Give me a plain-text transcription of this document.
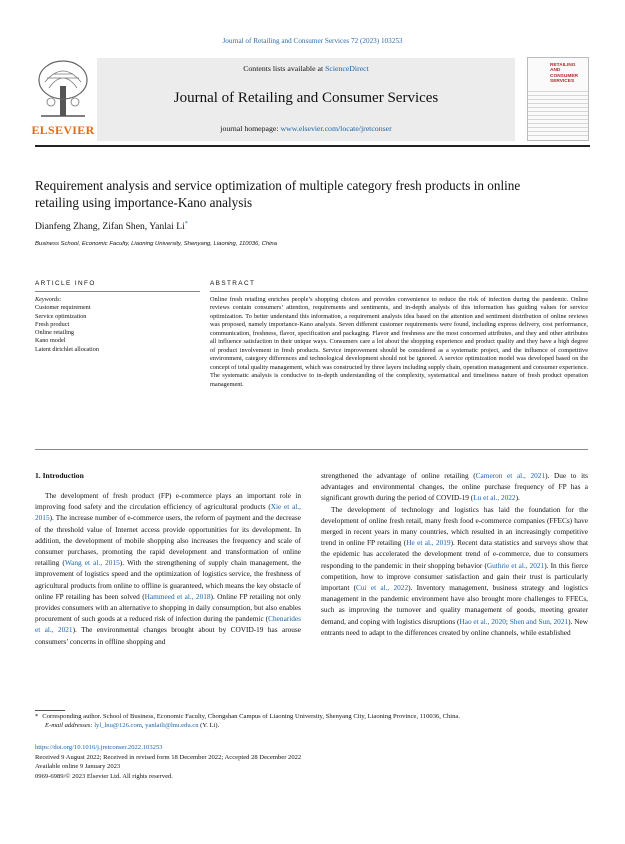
Journal of Retailing and Consumer Services 72 (2023) 103253
ELSEVIER
Contents lists available at ScienceDirect
Journal of Retailing and Consumer Services
journal homepage: www.elsevier.com/locate/jretconser
RETAILING AND CONSUMER SERVICES
Requirement analysis and service optimization of multiple category fresh products in online retailing using importance-Kano analysis
Dianfeng Zhang, Zifan Shen, Yanlai Li*
Business School, Economic Faculty, Liaoning University, Shenyang, Liaoning, 110036, China
ARTICLE INFO	ABSTRACT
Keywords:
Customer requirement
Service optimization
Fresh product
Online retailing
Kano model
Latent dirichlet allocation
Online fresh retailing enriches people’s shopping choices and provides convenience to reduce the risk of infection during the pandemic. Online reviews contain consumers’ attention, requirements and sentiments, and in-depth analysis of this information has guiding values for service optimization. To better understand this information, a requirement analysis idea based on the attention and sentiment distribution of online reviews was proposed, namely importance-Kano analysis. Seven different customer requirements were found, including express delivery, cost performance, communication, freshness, flavor, specification and packaging. Flavor and freshness are the most concerned attributes, and they and other attributes all influence satisfaction in their unique ways. Consumers care a lot about the shopping experience and product quality and they have a high degree of product involvement in fresh products. Service improvement should be considered as a systematic project, and the influence of competitive environment, category differences and technological development should not be ignored. A service optimization model was developed based on the concept of total quality management, which was constructed by three layers including supply chain, operation management and consumer experience. The systematic analysis is conducive to in-depth understanding of the complexity, systematical and timeliness nature of fresh product operation management.
1. Introduction
The development of fresh product (FP) e-commerce plays an important role in improving food safety and the circulation efficiency of agricultural products (Xie et al., 2015). The increase number of e-commerce users, the reform of payment and the decrease of the threshold value of Internet access provide opportunities for its development. In addition, the development of mobile shopping also increases the frequency and scale of consumer purchases, promoting the rapid development and transformation of online retailing (Wang et al., 2015). With the strengthening of supply chain management, the improvement of logistics speed and the optimization of logistics service, the freshness of agricultural products from online to offline is guaranteed, which means the key obstacle of online FP retailing has been solved (Hammeed et al., 2018). Online FP retailing not only provides consumers with an alternative to shopping in daily consumption, but also enables procurement of such goods at a reduced risk of infection during the pandemic (Chenarides et al., 2021). The environmental changes brought about by COVID-19 has arouse consumers’ concerns in offline shopping and

strengthened the advantage of online retailing (Cameron et al., 2021). Due to its advantages and environmental changes, the online purchase frequency of FP has a significant growth during the period of COVID-19 (Lu et al., 2022).

The development of technology and logistics has laid the foundation for the development of online fresh retail, many fresh food e-commerce companies (FFECs) have merged in recent years in many countries, which resulted in an increasingly competitive trend in online FP retailing (He et al., 2019). Recent data statistics and surveys show that the epidemic has accelerated the development trend of e-commerce, due to consumers responding to the pandemic in their shopping behavior (Guthrie et al., 2021). In this fierce competition, how to improve consumer satisfaction and gain their trust is particularly important (Cui et al., 2022). Inventory management, business strategy and logistics management in the pandemic environment have also brought more challenges to FFECs, such as improving the turnover and quality management of goods, meeting greater demand, and coping with logistics disruptions (Hao et al., 2020; Shen and Sun, 2021). New entrants need to adapt to the differences created by online channels, while established

* Corresponding author. School of Business, Economic Faculty, Chongshan Campus of Liaoning University, Shenyang City, Liaoning Province, 110036, China.
E-mail addresses: lyl_lnu@126.com, yanlaili@lnu.edu.cn (Y. Li).
https://doi.org/10.1016/j.jretconser.2022.103253
Received 9 August 2022; Received in revised form 18 December 2022; Accepted 28 December 2022
Available online 9 January 2023
0969-6989/© 2023 Elsevier Ltd. All rights reserved.
